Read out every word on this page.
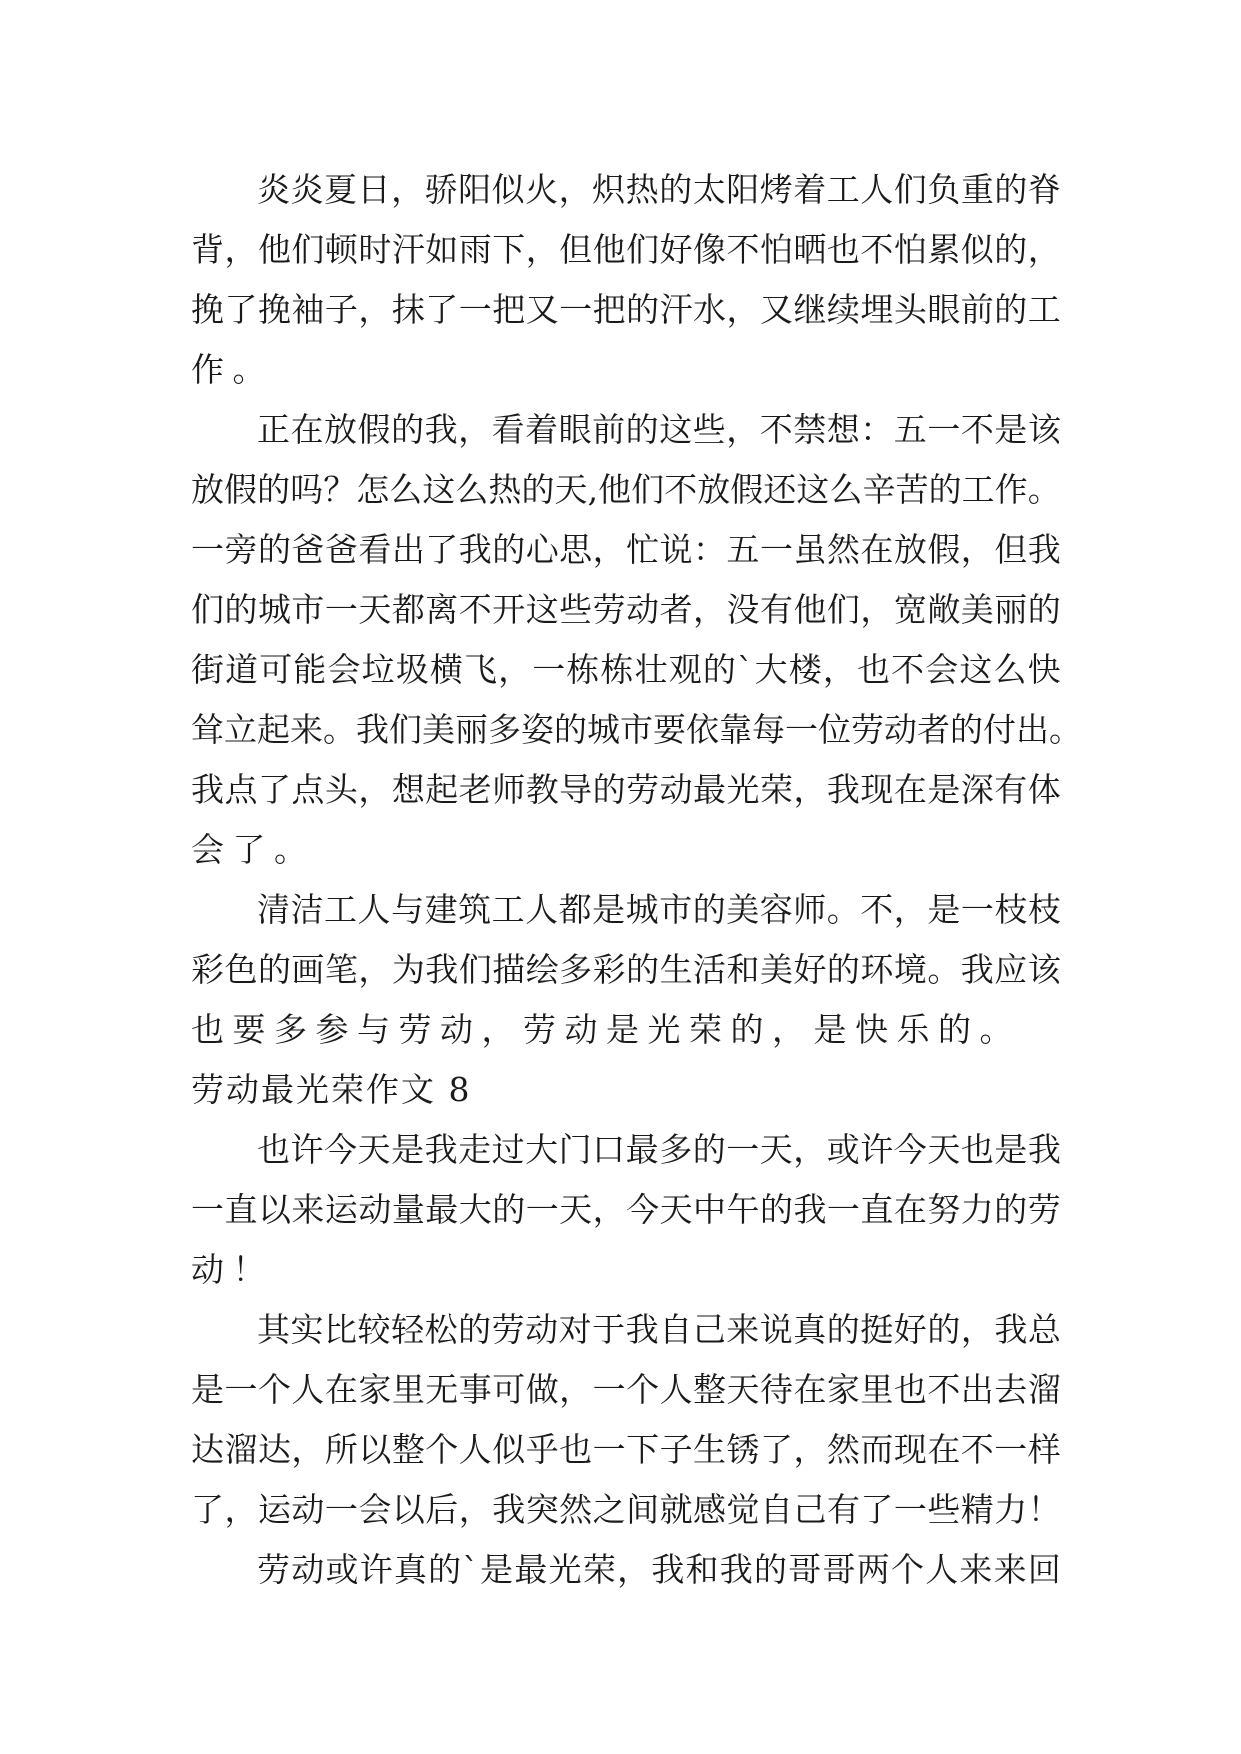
炎 炎 夏 日 ， 骄 阳 似 火 ， 炽 热 的 太 阳 烤 着 工 人 们 负 重 的 脊
背 ， 他 们 顿 时 汗 如 雨 下 ， 但 他 们 好 像 不 怕 晒 也 不 怕 累 似 的 ，
挽 了 挽 袖 子 ， 抹 了 一 把 又 一 把 的 汗 水 ， 又 继 续 埋 头 眼 前 的 工
作。
正 在 放 假 的 我 ， 看 着 眼 前 的 这 些 ， 不 禁 想 ： 五 一 不 是 该
放 假 的 吗 ？ 怎 么 这 么 热 的 天 , 他 们 不 放 假 还 这 么 辛 苦 的 工 作 。
一 旁 的 爸 爸 看 出 了 我 的 心 思 ， 忙 说 ： 五 一 虽 然 在 放 假 ， 但 我
们 的 城 市 一 天 都 离 不 开 这 些 劳 动 者 ， 没 有 他 们 ， 宽 敞 美 丽 的
街 道 可 能 会 垃 圾 横 飞 ， 一 栋 栋 壮 观 的 ` 大 楼 ， 也 不 会 这 么 快
耸 立 起 来 。 我 们 美 丽 多 姿 的 城 市 要 依 靠 每 一 位 劳 动 者 的 付 出 。
我 点 了 点 头 ， 想 起 老 师 教 导 的 劳 动 最 光 荣 ， 我 现 在 是 深 有 体
会了。
清 洁 工 人 与 建 筑 工 人 都 是 城 市 的 美 容 师 。 不 ， 是 一 枝 枝
彩 色 的 画 笔 ， 为 我 们 描 绘 多 彩 的 生 活 和 美 好 的 环 境 。 我 应 该
也要多参与劳动，劳动是光荣的，是快乐的。
劳动最光荣作文 8
也 许 今 天 是 我 走 过 大 门 口 最 多 的 一 天 ， 或 许 今 天 也 是 我
一 直 以 来 运 动 量 最 大 的 一 天 ， 今 天 中 午 的 我 一 直 在 努 力 的 劳
动！
其 实 比 较 轻 松 的 劳 动 对 于 我 自 己 来 说 真 的 挺 好 的 ， 我 总
是 一 个 人 在 家 里 无 事 可 做 ， 一 个 人 整 天 待 在 家 里 也 不 出 去 溜
达 溜 达 ， 所 以 整 个 人 似 乎 也 一 下 子 生 锈 了 ， 然 而 现 在 不 一 样
了 ， 运 动 一 会 以 后 ， 我 突 然 之 间 就 感 觉 自 己 有 了 一 些 精 力 ！
劳 动 或 许 真 的 ` 是 最 光 荣 ， 我 和 我 的 哥 哥 两 个 人 来 来 回
